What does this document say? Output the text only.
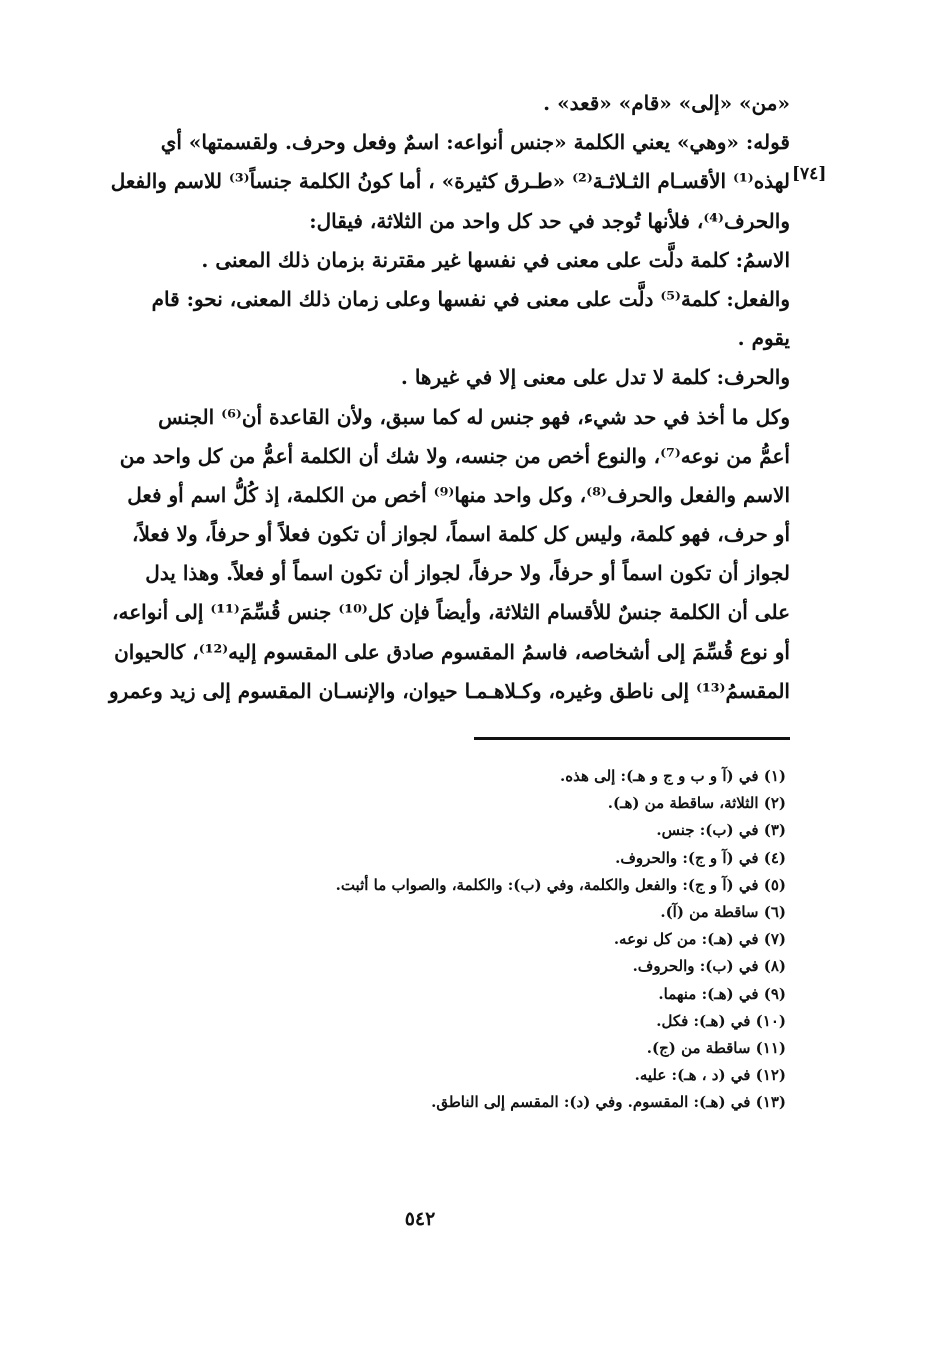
«من» «إلى» «قام» «قعد» .
قوله: «وهي» يعني الكلمة «جنس أنواعه: اسمٌ وفعل وحرف. ولقسمتها» أي
لهذه⁽¹⁾ الأقسـام الثـلاثـة⁽²⁾ «طـرق كثيرة» ، أما كونُ الكلمة جنساً⁽³⁾ للاسم والفعل
والحرف⁽⁴⁾، فلأنها تُوجد في حد كل واحد من الثلاثة، فيقال:
الاسمُ: كلمة دلَّت على معنى في نفسها غير مقترنة بزمان ذلك المعنى .
والفعل: كلمة⁽⁵⁾ دلَّت على معنى في نفسها وعلى زمان ذلك المعنى، نحو: قام
يقوم .
والحرف: كلمة لا تدل على معنى إلا في غيرها .
وكل ما أخذ في حد شيء، فهو جنس له كما سبق، ولأن القاعدة أن⁽⁶⁾ الجنس
أعمُّ من نوعه⁽⁷⁾، والنوع أخص من جنسه، ولا شك أن الكلمة أعمُّ من كل واحد من
الاسم والفعل والحرف⁽⁸⁾، وكل واحد منها⁽⁹⁾ أخص من الكلمة، إذ كُلُّ اسم أو فعل
أو حرف، فهو كلمة، وليس كل كلمة اسماً، لجواز أن تكون فعلاً أو حرفاً، ولا فعلاً،
لجواز أن تكون اسماً أو حرفاً، ولا حرفاً، لجواز أن تكون اسماً أو فعلاً. وهذا يدل
على أن الكلمة جنسٌ للأقسام الثلاثة، وأيضاً فإن كل⁽¹⁰⁾ جنس قُسِّمَ⁽¹¹⁾ إلى أنواعه،
أو نوع قُسِّمَ إلى أشخاصه، فاسمُ المقسوم صادق على المقسوم إليه⁽¹²⁾، كالحيوان
المقسمُ⁽¹³⁾ إلى ناطق وغيره، وكـلاهـمـا حيوان، والإنسـان المقسوم إلى زيد وعمرو
[٧٤]
(١) في (آ و ب و ج و هـ): إلى هذه.
(٢) الثلاثة، ساقطة من (هـ).
(٣) في (ب): جنس.
(٤) في (آ و ج): والحروف.
(٥) في (آ و ج): والفعل والكلمة، وفي (ب): والكلمة، والصواب ما أثبت.
(٦) ساقطة من (آ).
(٧) في (هـ): من كل نوعه.
(٨) في (ب): والحروف.
(٩) في (هـ): منهما.
(١٠) في (هـ): فكل.
(١١) ساقطة من (ج).
(١٢) في (د ، هـ): عليه.
(١٣) في (هـ): المقسوم. وفي (د): المقسم إلى الناطق.
٥٤٢
